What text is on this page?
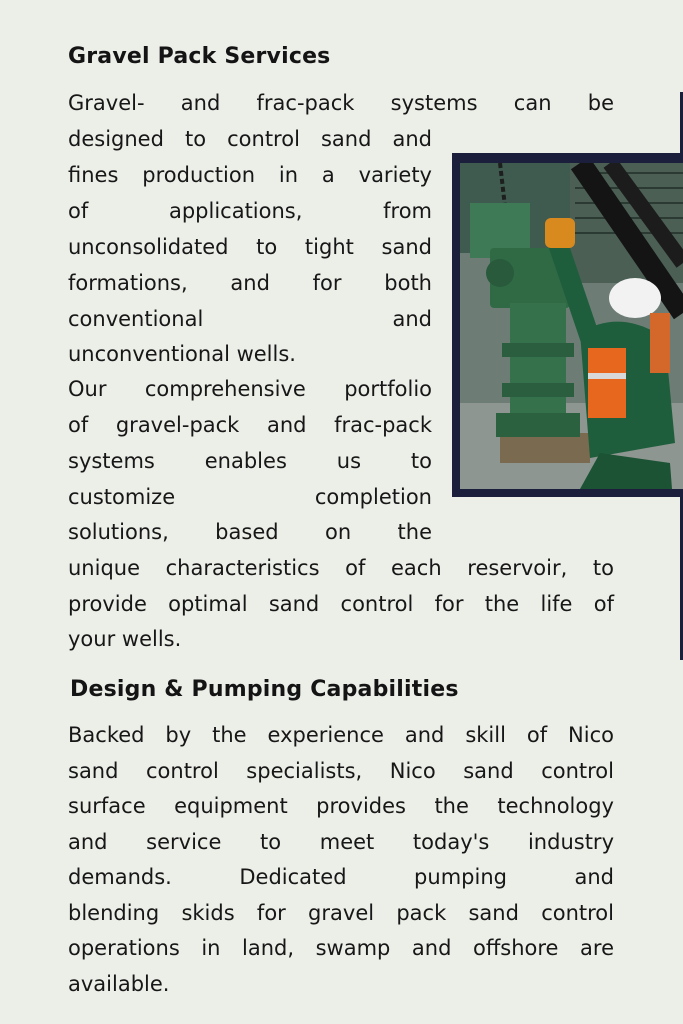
Gravel Pack Services

Gravel- and frac-pack systems can be

designed to control sand and

fines production in a variety

of applications, from

unconsolidated to tight sand

formations, and for both

conventional and

unconventional wells.

Our comprehensive portfolio

of gravel-pack and frac-pack

systems enables us to

customize completion

solutions, based on the

unique characteristics of each reservoir, to

provide optimal sand control for the life of

your wells.

Design & Pumping Capabilities

Backed by the experience and skill of Nico

sand control specialists, Nico sand control

surface equipment provides the technology

and service to meet today's industry

demands. Dedicated pumping and

blending skids for gravel pack sand control

operations in land, swamp and offshore are

available.
